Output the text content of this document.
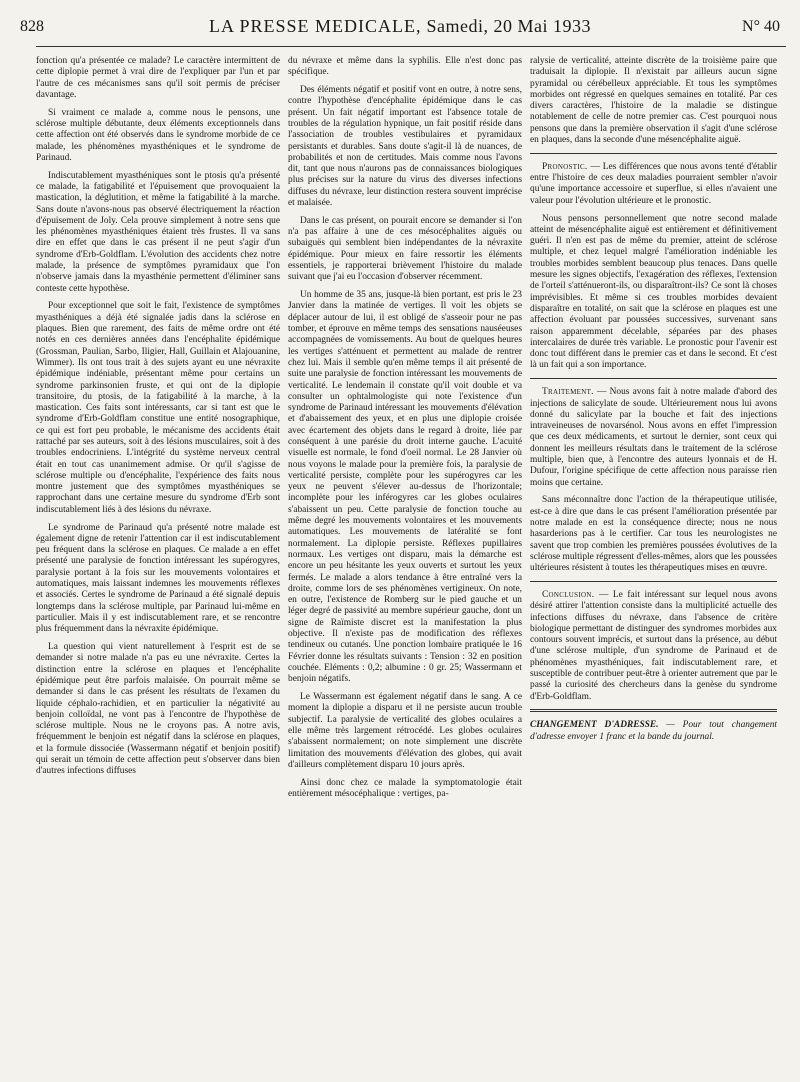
828	LA PRESSE MEDICALE, Samedi, 20 Mai 1933	N° 40

fonction qu'a présentée ce malade? Le caractère intermittent de cette diplopie permet à vrai dire de l'expliquer par l'un et par l'autre de ces mécanismes sans qu'il soit permis de préciser davantage.

Si vraiment ce malade a, comme nous le pensons, une sclérose multiple débutante, deux éléments exceptionnels dans cette affection ont été observés dans le syndrome morbide de ce malade, les phénomènes myasthéniques et le syndrome de Parinaud.

Indiscutablement myasthéniques sont le ptosis qu'a présenté ce malade, la fatigabilité et l'épuisement que provoquaient la mastication, la déglutition, et même la fatigabilité à la marche. Sans doute n'avons-nous pas observé électriquement la réaction d'épuisement de Joly. Cela prouve simplement à notre sens que les phénomènes myasthéniques étaient très frustes. Il va sans dire en effet que dans le cas présent il ne peut s'agir d'un syndrome d'Erb-Goldflam. L'évolution des accidents chez notre malade, la présence de symptômes pyramidaux que l'on n'observe jamais dans la myasthénie permettent d'éliminer sans conteste cette hypothèse.

Pour exceptionnel que soit le fait, l'existence de symptômes myasthéniques a déjà été signalée jadis dans la sclérose en plaques. Bien que rarement, des faits de même ordre ont été notés en ces dernières années dans l'encéphalite épidémique (Grossman, Paulian, Sarbo, Iligier, Hall, Guillain et Alajouanine, Wimmer). Ils ont tous trait à des sujets ayant eu une névraxite épidémique indéniable, présentant même pour certains un syndrome parkinsonien fruste, et qui ont de la diplopie transitoire, du ptosis, de la fatigabilité à la marche, à la mastication. Ces faits sont intéressants, car si tant est que le syndrome d'Erb-Goldflam constitue une entité nosographique, ce qui est fort peu probable, le mécanisme des accidents était rattaché par ses auteurs, soit à des lésions musculaires, soit à des troubles endocriniens. L'intégrité du système nerveux central était en tout cas unanimement admise. Or qu'il s'agisse de sclérose multiple ou d'encéphalite, l'expérience des faits nous montre justement que des symptômes myasthéniques se rapprochant dans une certaine mesure du syndrome d'Erb sont indiscutablement liés à des lésions du névraxe.

Le syndrome de Parinaud qu'a présenté notre malade est également digne de retenir l'attention car il est indiscutablement peu fréquent dans la sclérose en plaques. Ce malade a en effet présenté une paralysie de fonction intéressant les supérogyres, paralysie portant à la fois sur les mouvements volontaires et automatiques, mais laissant indemnes les mouvements réflexes et associés. Certes le syndrome de Parinaud a été signalé depuis longtemps dans la sclérose multiple, par Parinaud lui-même en particulier. Mais il y est indiscutablement rare, et se rencontre plus fréquemment dans la névraxite épidémique.

La question qui vient naturellement à l'esprit est de se demander si notre malade n'a pas eu une névraxite. Certes la distinction entre la sclérose en plaques et l'encéphalite épidémique peut être parfois malaisée. On pourrait même se demander si dans le cas présent les résultats de l'examen du liquide céphalo-rachidien, et en particulier la négativité au benjoin colloïdal, ne vont pas à l'encontre de l'hypothèse de sclérose multiple. Nous ne le croyons pas. A notre avis, fréquemment le benjoin est négatif dans la sclérose en plaques, et la formule dissociée (Wassermann négatif et benjoin positif) qui serait un témoin de cette affection peut s'observer dans bien d'autres infections diffuses

du névraxe et même dans la syphilis. Elle n'est donc pas spécifique.

Des éléments négatif et positif vont en outre, à notre sens, contre l'hypothèse d'encéphalite épidémique dans le cas présent. Un fait négatif important est l'absence totale de troubles de la régulation hypnique, un fait positif réside dans l'association de troubles vestibulaires et pyramidaux persistants et durables. Sans doute s'agit-il là de nuances, de probabilités et non de certitudes. Mais comme nous l'avons dit, tant que nous n'aurons pas de connaissances biologiques plus précises sur la nature du virus des diverses infections diffuses du névraxe, leur distinction restera souvent imprécise et malaisée.

Dans le cas présent, on pourait encore se demander si l'on n'a pas affaire à une de ces mésocéphalites aiguës ou subaiguës qui semblent bien indépendantes de la névraxite épidémique. Pour mieux en faire ressortir les éléments essentiels, je rapporterai brièvement l'histoire du malade suivant que j'ai eu l'occasion d'observer récemment.

Un homme de 35 ans, jusque-là bien portant, est pris le 23 Janvier dans la matinée de vertiges. Il voit les objets se déplacer autour de lui, il est obligé de s'asseoir pour ne pas tomber, et éprouve en même temps des sensations nauséeuses accompagnées de vomissements. Au bout de quelques heures les vertiges s'atténuent et permettent au malade de rentrer chez lui. Mais il semble qu'en même temps il ait présenté de suite une paralysie de fonction intéressant les mouvements de verticalité. Le lendemain il constate qu'il voit double et va consulter un ophtalmologiste qui note l'existence d'un syndrome de Parinaud intéressant les mouvements d'élévation et d'abaissement des yeux, et en plus une diplopie croisée avec écartement des objets dans le regard à droite, liée par conséquent à une parésie du droit interne gauche. L'acuité visuelle est normale, le fond d'oeil normal. Le 28 Janvier où nous voyons le malade pour la première fois, la paralysie de verticalité persiste, complète pour les supérogyres car les yeux ne peuvent s'élever au-dessus de l'horizontale; incomplète pour les inférogyres car les globes oculaires s'abaissent un peu. Cette paralysie de fonction touche au même degré les mouvements volontaires et les mouvements automatiques. Les mouvements de latéralité se font normalement. La diplopie persiste. Réflexes pupillaires normaux. Les vertiges ont disparu, mais la démarche est encore un peu hésitante les yeux ouverts et surtout les yeux fermés. Le malade a alors tendance à être entraîné vers la droite, comme lors de ses phénomènes vertigineux. On note, en outre, l'existence de Romberg sur le pied gauche et un léger degré de passivité au membre supérieur gauche, dont un signe de Raïmiste discret est la manifestation la plus objective. Il n'existe pas de modification des réflexes tendineux ou cutanés. Une ponction lombaire pratiquée le 16 Février donne les résultats suivants : Tension : 32 en position couchée. Eléments : 0,2; albumine : 0 gr. 25; Wassermann et benjoin négatifs.

Le Wassermann est également négatif dans le sang. A ce moment la diplopie a disparu et il ne persiste aucun trouble subjectif. La paralysie de verticalité des globes oculaires a elle même très largement rétrocédé. Les globes oculaires s'abaissent normalement; on note simplement une discrète limitation des mouvements d'élévation des globes, qui avait d'ailleurs complètement disparu 10 jours après.

Ainsi donc chez ce malade la symptomatologie était entièrement mésocéphalique : vertiges, pa-

ralysie de verticalité, atteinte discrète de la troisième paire que traduisait la diplopie. Il n'existait par ailleurs aucun signe pyramidal ou cérébelleux appréciable. Et tous les symptômes morbides ont régressé en quelques semaines en totalité. Par ces divers caractères, l'histoire de la maladie se distingue notablement de celle de notre premier cas. C'est pourquoi nous pensons que dans la première observation il s'agit d'une sclérose en plaques, dans la seconde d'une mésencéphalite aiguë.

Pronostic. — Les différences que nous avons tenté d'établir entre l'histoire de ces deux maladies pourraient sembler n'avoir qu'une importance accessoire et superflue, si elles n'avaient une valeur pour l'évolution ultérieure et le pronostic.

Nous pensons personnellement que notre second malade atteint de mésencéphalite aiguë est entièrement et définitivement guéri. Il n'en est pas de même du premier, atteint de sclérose multiple, et chez lequel malgré l'amélioration indéniable les troubles morbides semblent beaucoup plus tenaces. Dans quelle mesure les signes objectifs, l'exagération des réflexes, l'extension de l'orteil s'atténueront-ils, ou disparaîtront-ils? Ce sont là choses imprévisibles. Et même si ces troubles morbides devaient disparaître en totalité, on sait que la sclérose en plaques est une affection évoluant par poussées successives, survenant sans raison apparemment décelable, séparées par des phases intercalaires de durée très variable. Le pronostic pour l'avenir est donc tout différent dans le premier cas et dans le second. Et c'est là un fait qui a son importance.

Traitement. — Nous avons fait à notre malade d'abord des injections de salicylate de soude. Ultérieurement nous lui avons donné du salicylate par la bouche et fait des injections intraveineuses de novarsénol. Nous avons en effet l'impression que ces deux médicaments, et surtout le dernier, sont ceux qui donnent les meilleurs résultats dans le traitement de la sclérose multiple, bien que, à l'encontre des auteurs lyonnais et de H. Dufour, l'origine spécifique de cette affection nous paraisse rien moins que certaine.

Sans méconnaître donc l'action de la thérapeutique utilisée, est-ce à dire que dans le cas présent l'amélioration présentée par notre malade en est la conséquence directe; nous ne nous hasarderions pas à le certifier. Car tous les neurologistes ne savent que trop combien les premières poussées évolutives de la sclérose multiple régressent d'elles-mêmes, alors que les poussées ultérieures résistent à toutes les thérapeutiques mises en œuvre.

Conclusion. — Le fait intéressant sur lequel nous avons désiré attirer l'attention consiste dans la multiplicité actuelle des infections diffuses du névraxe, dans l'absence de critère biologique permettant de distinguer des syndromes morbides aux contours souvent imprécis, et surtout dans la présence, au début d'une sclérose multiple, d'un syndrome de Parinaud et de phénomènes myasthéniques, fait indiscutablement rare, et susceptible de contribuer peut-être à orienter autrement que par le passé la curiosité des chercheurs dans la genèse du syndrome d'Erb-Goldflam.

CHANGEMENT D'ADRESSE. — Pour tout changement d'adresse envoyer 1 franc et la bande du journal.
